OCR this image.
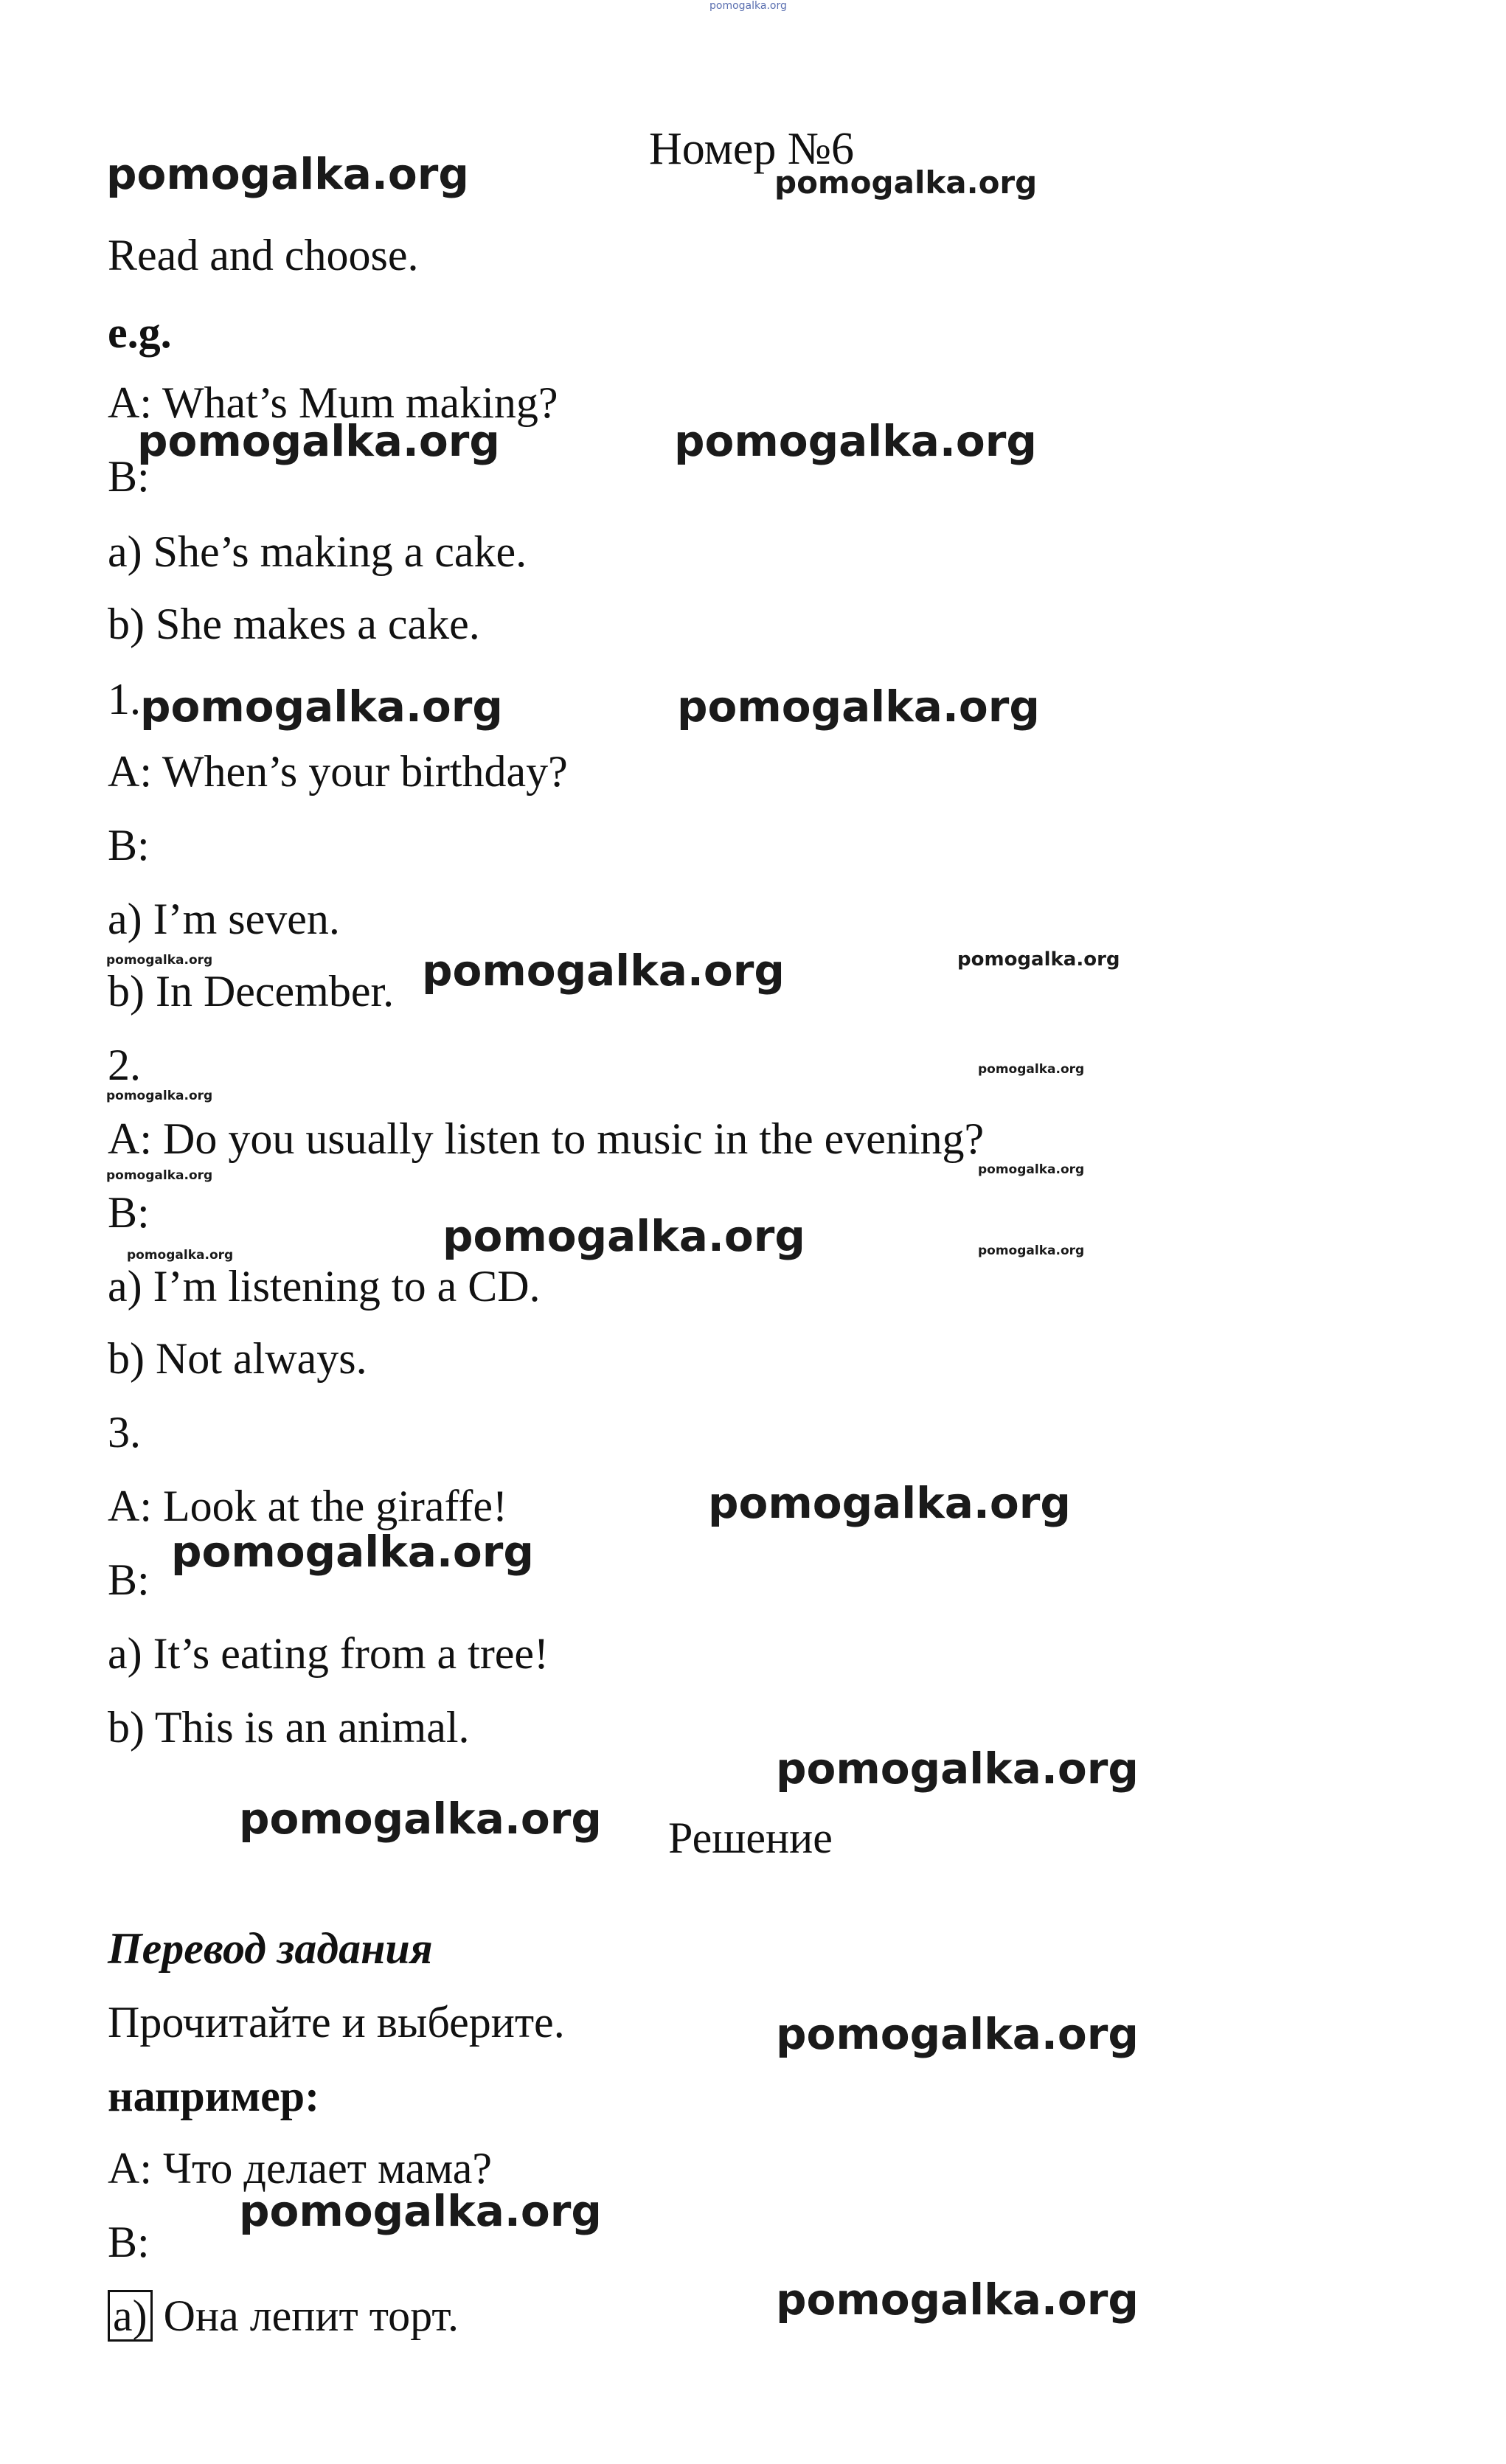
pomogalka.org
Номер №6
Read and choose.
e.g.
A: What’s Mum making?
B:
a) She’s making a cake.
b) She makes a cake.
1.
A: When’s your birthday?
B:
a) I’m seven.
b) In December.
2.
A: Do you usually listen to music in the evening?
B:
a) I’m listening to a CD.
b) Not always.
3.
A: Look at the giraffe!
B:
a) It’s eating from a tree!
b) This is an animal.
Решение
Перевод задания
Прочитайте и выберите.
например:
A: Что делает мама?
B:
a) Она лепит торт.
pomogalka.org	pomogalka.org
pomogalka.org	pomogalka.org
pomogalka.org	pomogalka.org
pomogalka.org	pomogalka.org	pomogalka.org
pomogalka.org
pomogalka.org
pomogalka.org
pomogalka.org
pomogalka.org
pomogalka.org	pomogalka.org
pomogalka.org
pomogalka.org
pomogalka.org
pomogalka.org
pomogalka.org
pomogalka.org
pomogalka.org
